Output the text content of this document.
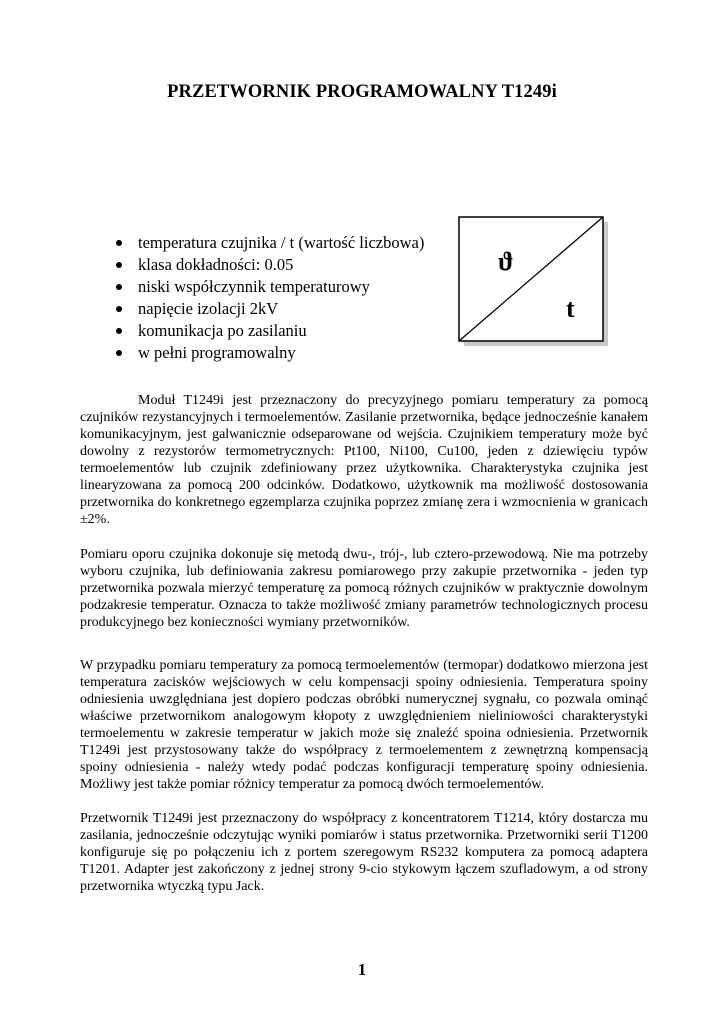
PRZETWORNIK PROGRAMOWALNY T1249i
temperatura czujnika / t (wartość liczbowa)
klasa dokładności: 0.05
niski współczynnik temperaturowy
napięcie izolacji 2kV
komunikacja po zasilaniu
w pełni programowalny
ϑ
t

Moduł T1249i jest przeznaczony do precyzyjnego pomiaru temperatury za pomocą czujników rezystancyjnych i termoelementów. Zasilanie przetwornika, będące jednocześnie kanałem komunikacyjnym, jest galwanicznie odseparowane od wejścia. Czujnikiem temperatury może być dowolny z rezystorów termometrycznych: Pt100, Ni100, Cu100, jeden z dziewięciu typów termoelementów lub czujnik zdefiniowany przez użytkownika. Charakterystyka czujnika jest linearyzowana za pomocą 200 odcinków. Dodatkowo, użytkownik ma możliwość dostosowania przetwornika do konkretnego egzemplarza czujnika poprzez zmianę zera i wzmocnienia w granicach ±2%.

Pomiaru oporu czujnika dokonuje się metodą dwu-, trój-, lub cztero-przewodową. Nie ma potrzeby wyboru czujnika, lub definiowania zakresu pomiarowego przy zakupie przetwornika - jeden typ przetwornika pozwala mierzyć temperaturę za pomocą różnych czujników w praktycznie dowolnym podzakresie temperatur. Oznacza to także możliwość zmiany parametrów technologicznych procesu produkcyjnego bez konieczności wymiany przetworników.

W przypadku pomiaru temperatury za pomocą termoelementów (termopar) dodatkowo mierzona jest temperatura zacisków wejściowych w celu kompensacji spoiny odniesienia. Temperatura spoiny odniesienia uwzględniana jest dopiero podczas obróbki numerycznej sygnału, co pozwala ominąć właściwe przetwornikom analogowym kłopoty z uwzględnieniem nieliniowości charakterystyki termoelementu w zakresie temperatur w jakich może się znaleźć spoina odniesienia. Przetwornik T1249i jest przystosowany także do współpracy z termoelementem z zewnętrzną kompensacją spoiny odniesienia - należy wtedy podać podczas konfiguracji temperaturę spoiny odniesienia. Możliwy jest także pomiar różnicy temperatur za pomocą dwóch termoelementów.

Przetwornik T1249i jest przeznaczony do współpracy z koncentratorem T1214, który dostarcza mu zasilania, jednocześnie odczytując wyniki pomiarów i status przetwornika. Przetworniki serii T1200 konfiguruje się po połączeniu ich z portem szeregowym RS232 komputera za pomocą adaptera T1201. Adapter jest zakończony z jednej strony 9-cio stykowym łączem szufladowym, a od strony przetwornika wtyczką typu Jack.

1
